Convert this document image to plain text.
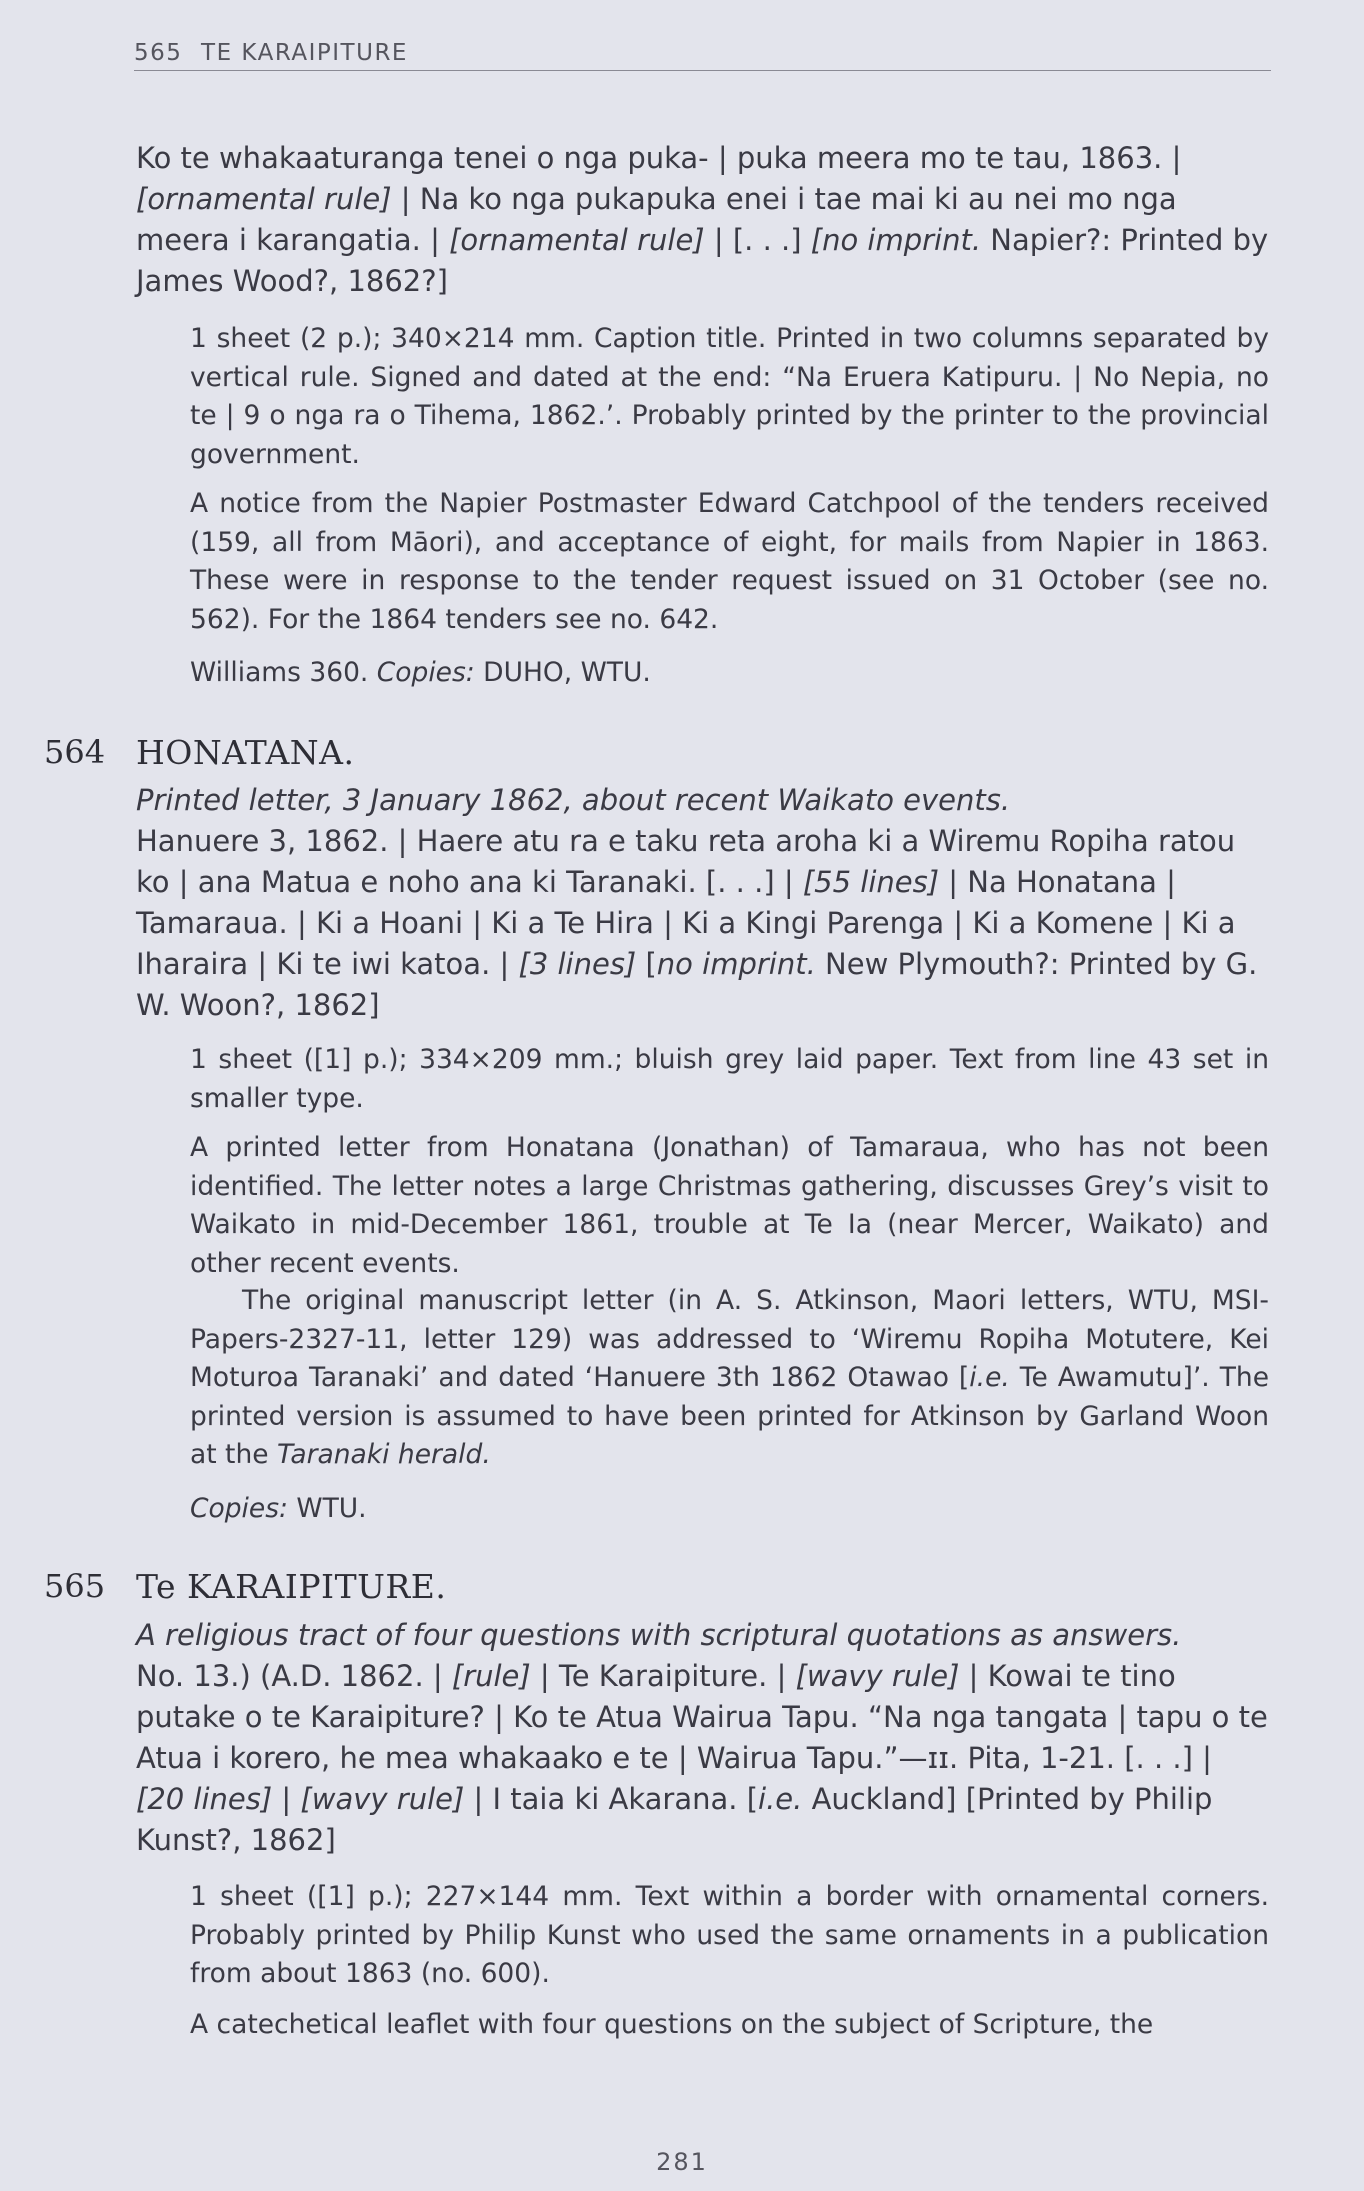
565 TE KARAIPITURE
Ko te whakaaturanga tenei o nga puka- | puka meera mo te tau, 1863. | [ornamental rule] | Na ko nga pukapuka enei i tae mai ki au nei mo nga meera i karangatia. | [ornamental rule] | [. . .] [no imprint. Napier?: Printed by James Wood?, 1862?]
1 sheet (2 p.); 340×214 mm. Caption title. Printed in two columns separated by vertical rule. Signed and dated at the end: “Na Eruera Katipuru. | No Nepia, no te | 9 o nga ra o Tihema, 1862.’. Probably printed by the printer to the provincial government.
A notice from the Napier Postmaster Edward Catchpool of the tenders received (159, all from Māori), and acceptance of eight, for mails from Napier in 1863. These were in response to the tender request issued on 31 October (see no. 562). For the 1864 tenders see no. 642.
Williams 360. Copies: DUHO, WTU.
564 HONATANA.
Printed letter, 3 January 1862, about recent Waikato events.
Hanuere 3, 1862. | Haere atu ra e taku reta aroha ki a Wiremu Ropiha ratou ko | ana Matua e noho ana ki Taranaki. [. . .] | [55 lines] | Na Honatana | Tamaraua. | Ki a Hoani | Ki a Te Hira | Ki a Kingi Parenga | Ki a Komene | Ki a Iharaira | Ki te iwi katoa. | [3 lines] [no imprint. New Plymouth?: Printed by G. W. Woon?, 1862]
1 sheet ([1] p.); 334×209 mm.; bluish grey laid paper. Text from line 43 set in smaller type.
A printed letter from Honatana (Jonathan) of Tamaraua, who has not been identified. The letter notes a large Christmas gathering, discusses Grey’s visit to Waikato in mid-December 1861, trouble at Te Ia (near Mercer, Waikato) and other recent events.
The original manuscript letter (in A. S. Atkinson, Maori letters, WTU, MSI-Papers-2327-11, letter 129) was addressed to ‘Wiremu Ropiha Motutere, Kei Moturoa Taranaki’ and dated ‘Hanuere 3th 1862 Otawao [i.e. Te Awamutu]’. The printed version is assumed to have been printed for Atkinson by Garland Woon at the Taranaki herald.
Copies: WTU.
565 Te KARAIPITURE.
A religious tract of four questions with scriptural quotations as answers.
No. 13.) (A.D. 1862. | [rule] | Te Karaipiture. | [wavy rule] | Kowai te tino putake o te Karaipiture? | Ko te Atua Wairua Tapu. “Na nga tangata | tapu o te Atua i korero, he mea whakaako e te | Wairua Tapu.”—ɪɪ. Pita, 1-21. [. . .] | [20 lines] | [wavy rule] | I taia ki Akarana. [i.e. Auckland] [Printed by Philip Kunst?, 1862]
1 sheet ([1] p.); 227×144 mm. Text within a border with ornamental corners. Probably printed by Philip Kunst who used the same ornaments in a publication from about 1863 (no. 600).
A catechetical leaflet with four questions on the subject of Scripture, the
281
